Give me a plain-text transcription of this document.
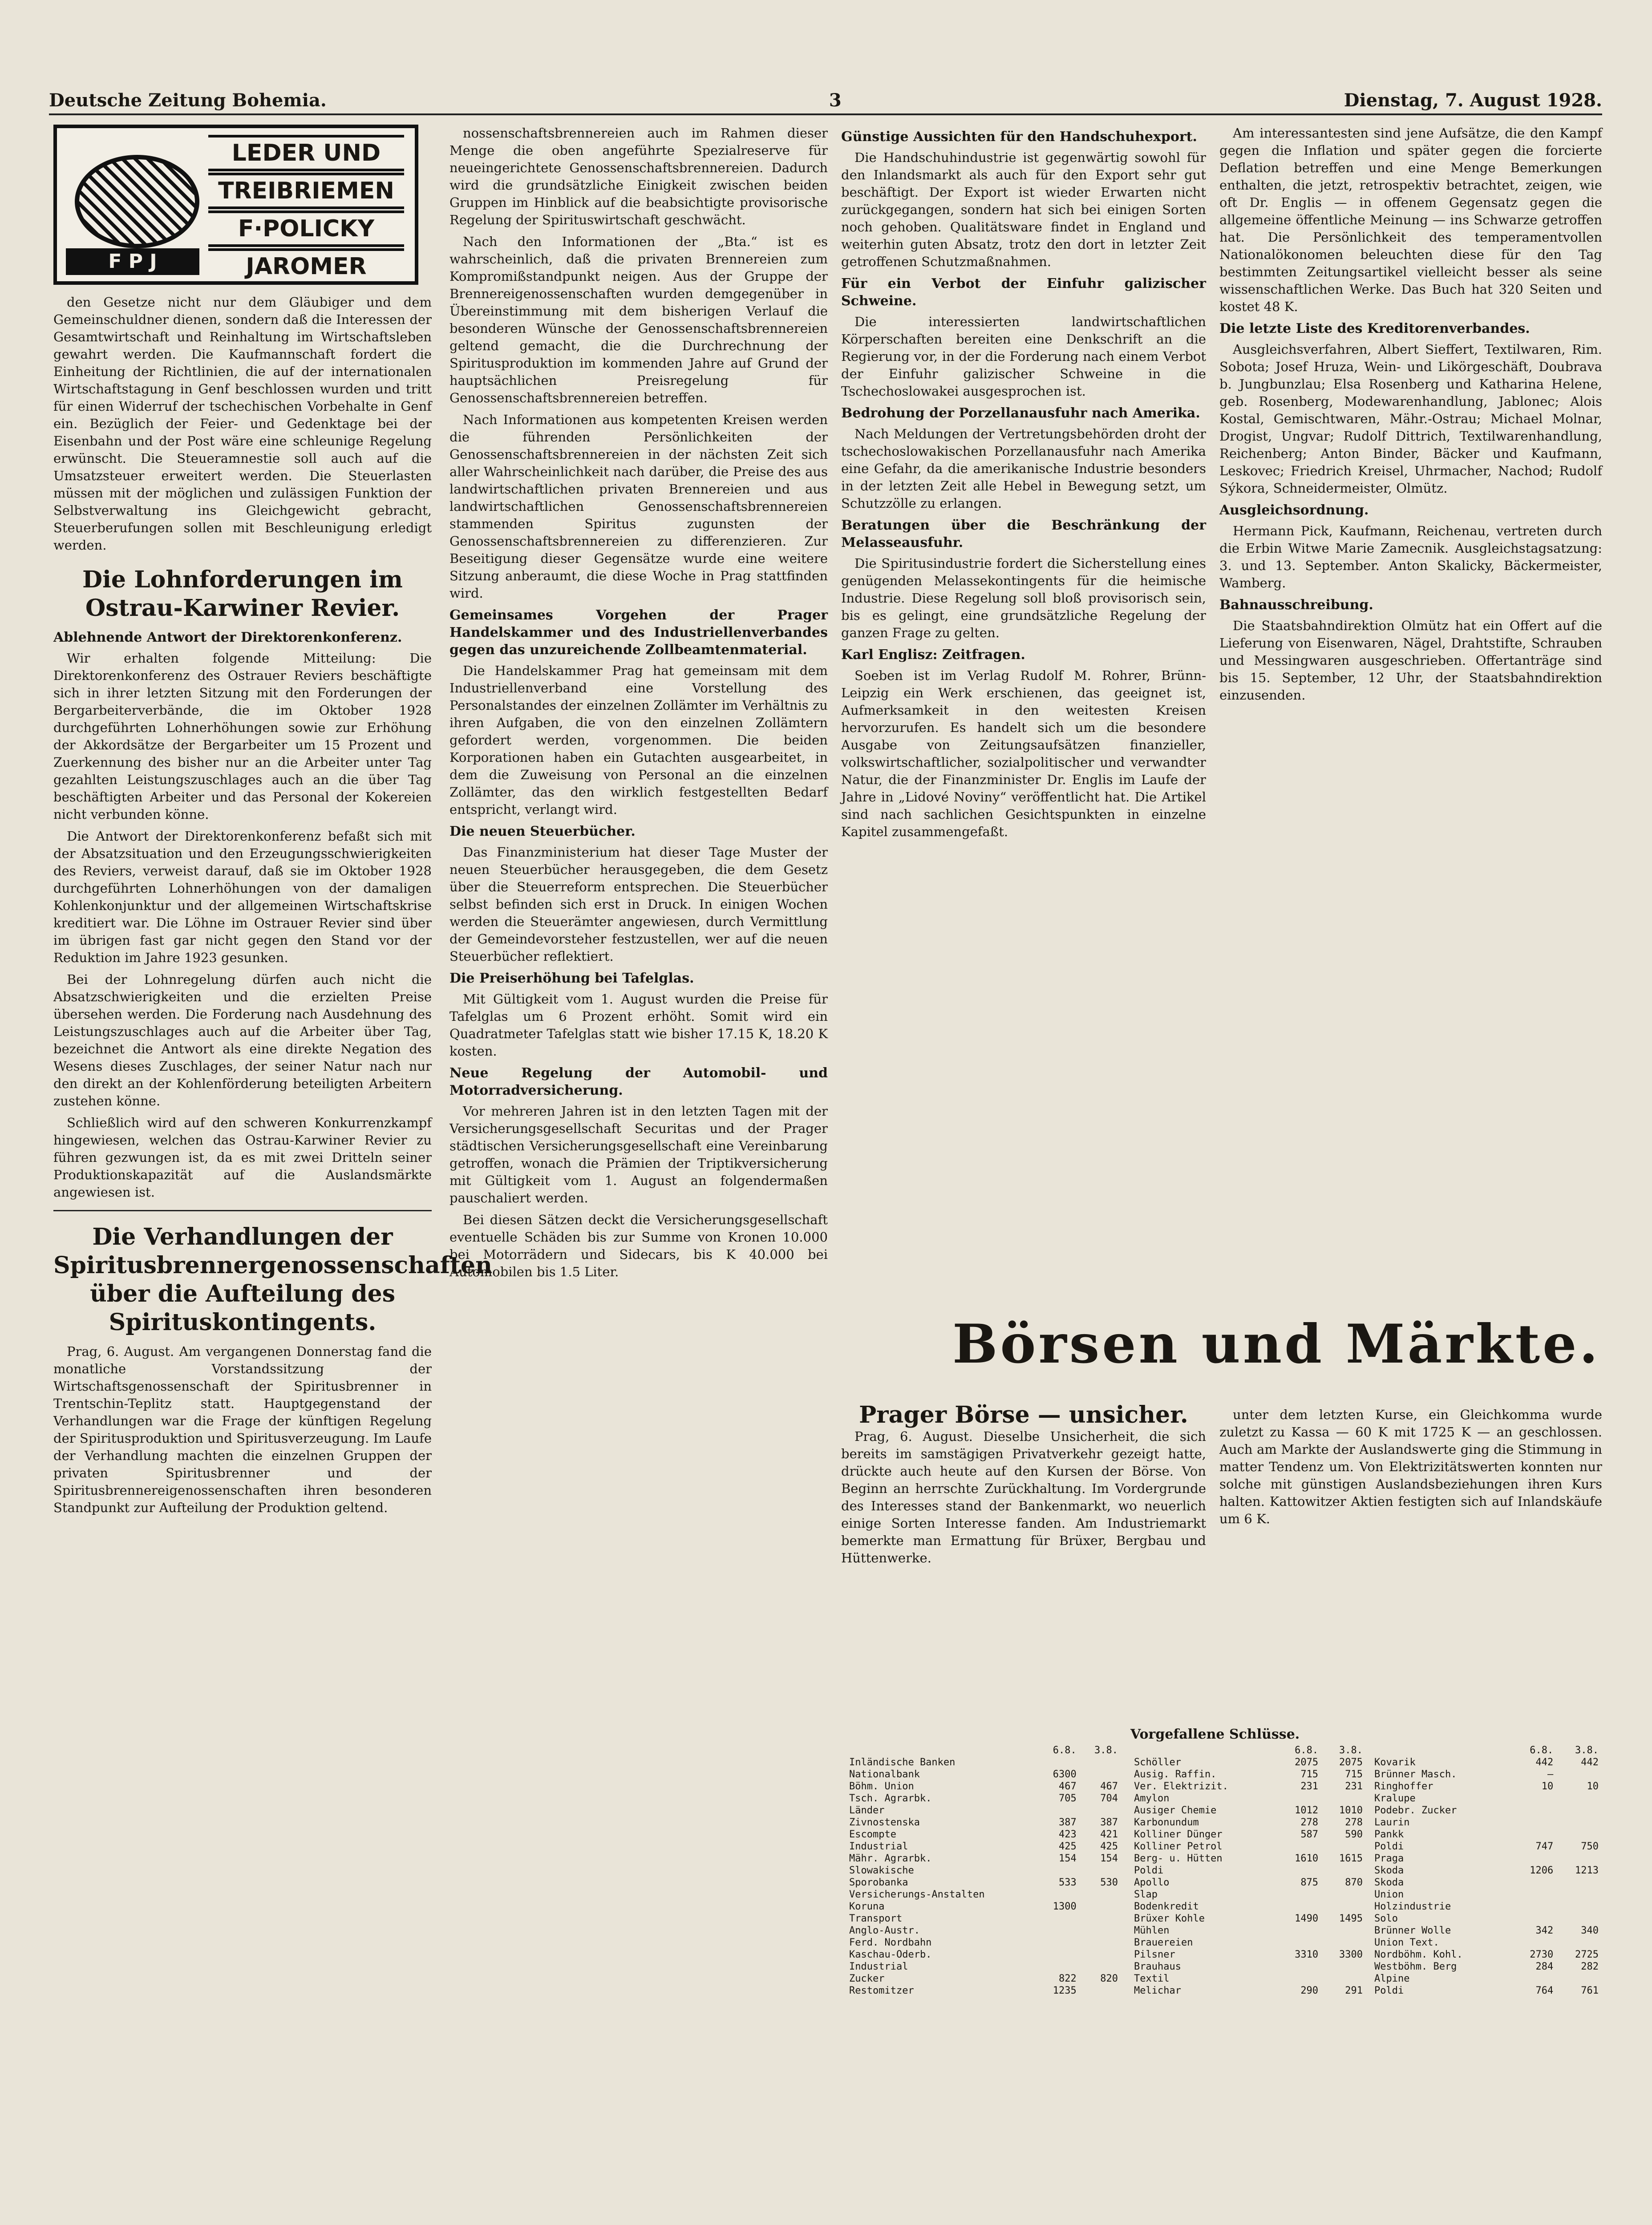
Deutsche Zeitung Bohemia.	3	Dienstag, 7. August 1928.
LEDER UND
TREIBRIEMEN
F·POLICKY
JAROMER
F P J

den Gesetze nicht nur dem Gläubiger und dem Gemeinschuldner dienen, sondern daß die Interessen der Gesamtwirtschaft und Reinhaltung im Wirtschaftsleben gewahrt werden. Die Kaufmannschaft fordert die Einheitung der Richtlinien, die auf der internationalen Wirtschaftstagung in Genf beschlossen wurden und tritt für einen Widerruf der tschechischen Vorbehalte in Genf ein. Bezüglich der Feier- und Gedenktage bei der Eisenbahn und der Post wäre eine schleunige Regelung erwünscht. Die Steueramnestie soll auch auf die Umsatzsteuer erweitert werden. Die Steuerlasten müssen mit der möglichen und zulässigen Funktion der Selbstverwaltung ins Gleichgewicht gebracht, Steuerberufungen sollen mit Beschleunigung erledigt werden.

Die Lohnforderungen im Ostrau-Karwiner Revier.
Ablehnende Antwort der Direktorenkonferenz.

Wir erhalten folgende Mitteilung: Die Direktorenkonferenz des Ostrauer Reviers beschäftigte sich in ihrer letzten Sitzung mit den Forderungen der Bergarbeiterverbände, die im Oktober 1928 durchgeführten Lohnerhöhungen sowie zur Erhöhung der Akkordsätze der Bergarbeiter um 15 Prozent und Zuerkennung des bisher nur an die Arbeiter unter Tag gezahlten Leistungszuschlages auch an die über Tag beschäftigten Arbeiter und das Personal der Kokereien nicht verbunden könne.

Die Antwort der Direktorenkonferenz befaßt sich mit der Absatzsituation und den Erzeugungsschwierigkeiten des Reviers, verweist darauf, daß sie im Oktober 1928 durchgeführten Lohnerhöhungen von der damaligen Kohlenkonjunktur und der allgemeinen Wirtschaftskrise kreditiert war. Die Löhne im Ostrauer Revier sind über im übrigen fast gar nicht gegen den Stand vor der Reduktion im Jahre 1923 gesunken.

Bei der Lohnregelung dürfen auch nicht die Absatzschwierigkeiten und die erzielten Preise übersehen werden. Die Forderung nach Ausdehnung des Leistungszuschlages auch auf die Arbeiter über Tag, bezeichnet die Antwort als eine direkte Negation des Wesens dieses Zuschlages, der seiner Natur nach nur den direkt an der Kohlenförderung beteiligten Arbeitern zustehen könne.

Schließlich wird auf den schweren Konkurrenzkampf hingewiesen, welchen das Ostrau-Karwiner Revier zu führen gezwungen ist, da es mit zwei Dritteln seiner Produktionskapazität auf die Auslandsmärkte angewiesen ist.

Die Verhandlungen der Spiritusbrennergenossenschaften über die Aufteilung des Spirituskontingents.

Prag, 6. August. Am vergangenen Donnerstag fand die monatliche Vorstandssitzung der Wirtschaftsgenossenschaft der Spiritusbrenner in Trentschin-Teplitz statt. Hauptgegenstand der Verhandlungen war die Frage der künftigen Regelung der Spiritusproduktion und Spiritusverzeugung. Im Laufe der Verhandlung machten die einzelnen Gruppen der privaten Spiritusbrenner und der Spiritusbrennereigenossenschaften ihren besonderen Standpunkt zur Aufteilung der Produktion geltend.

nossenschaftsbrennereien auch im Rahmen dieser Menge die oben angeführte Spezialreserve für neueingerichtete Genossenschaftsbrennereien. Dadurch wird die grundsätzliche Einigkeit zwischen beiden Gruppen im Hinblick auf die beabsichtigte provisorische Regelung der Spirituswirtschaft geschwächt.

Nach den Informationen der „Bta.“ ist es wahrscheinlich, daß die privaten Brennereien zum Kompromißstandpunkt neigen. Aus der Gruppe der Brennereigenossenschaften wurden demgegenüber in Übereinstimmung mit dem bisherigen Verlauf die besonderen Wünsche der Genossenschaftsbrennereien geltend gemacht, die die Durchrechnung der Spiritusproduktion im kommenden Jahre auf Grund der hauptsächlichen Preisregelung für Genossenschaftsbrennereien betreffen.

Nach Informationen aus kompetenten Kreisen werden die führenden Persönlichkeiten der Genossenschaftsbrennereien in der nächsten Zeit sich aller Wahrscheinlichkeit nach darüber, die Preise des aus landwirtschaftlichen privaten Brennereien und aus landwirtschaftlichen Genossenschaftsbrennereien stammenden Spiritus zugunsten der Genossenschaftsbrennereien zu differenzieren. Zur Beseitigung dieser Gegensätze wurde eine weitere Sitzung anberaumt, die diese Woche in Prag stattfinden wird.

Gemeinsames Vorgehen der Prager Handelskammer und des Industriellenverbandes gegen das unzureichende Zollbeamtenmaterial.

Die Handelskammer Prag hat gemeinsam mit dem Industriellenverband eine Vorstellung des Personalstandes der einzelnen Zollämter im Verhältnis zu ihren Aufgaben, die von den einzelnen Zollämtern gefordert werden, vorgenommen. Die beiden Korporationen haben ein Gutachten ausgearbeitet, in dem die Zuweisung von Personal an die einzelnen Zollämter, das den wirklich festgestellten Bedarf entspricht, verlangt wird.

Die neuen Steuerbücher.

Das Finanzministerium hat dieser Tage Muster der neuen Steuerbücher herausgegeben, die dem Gesetz über die Steuerreform entsprechen. Die Steuerbücher selbst befinden sich erst in Druck. In einigen Wochen werden die Steuerämter angewiesen, durch Vermittlung der Gemeindevorsteher festzustellen, wer auf die neuen Steuerbücher reflektiert.

Die Preiserhöhung bei Tafelglas.

Mit Gültigkeit vom 1. August wurden die Preise für Tafelglas um 6 Prozent erhöht. Somit wird ein Quadratmeter Tafelglas statt wie bisher 17.15 K, 18.20 K kosten.

Neue Regelung der Automobil- und Motorradversicherung.

Vor mehreren Jahren ist in den letzten Tagen mit der Versicherungsgesellschaft Securitas und der Prager städtischen Versicherungsgesellschaft eine Vereinbarung getroffen, wonach die Prämien der Triptikversicherung mit Gültigkeit vom 1. August an folgendermaßen pauschaliert werden.

Bei diesen Sätzen deckt die Versicherungsgesellschaft eventuelle Schäden bis zur Summe von Kronen 10.000 bei Motorrädern und Sidecars, bis K 40.000 bei Automobilen bis 1.5 Liter.

Günstige Aussichten für den Handschuhexport.

Die Handschuhindustrie ist gegenwärtig sowohl für den Inlandsmarkt als auch für den Export sehr gut beschäftigt. Der Export ist wieder Erwarten nicht zurückgegangen, sondern hat sich bei einigen Sorten noch gehoben. Qualitätsware findet in England und weiterhin guten Absatz, trotz den dort in letzter Zeit getroffenen Schutzmaßnahmen.

Für ein Verbot der Einfuhr galizischer Schweine.

Die interessierten landwirtschaftlichen Körperschaften bereiten eine Denkschrift an die Regierung vor, in der die Forderung nach einem Verbot der Einfuhr galizischer Schweine in die Tschechoslowakei ausgesprochen ist.

Bedrohung der Porzellanausfuhr nach Amerika.

Nach Meldungen der Vertretungsbehörden droht der tschechoslowakischen Porzellanausfuhr nach Amerika eine Gefahr, da die amerikanische Industrie besonders in der letzten Zeit alle Hebel in Bewegung setzt, um Schutzzölle zu erlangen.

Beratungen über die Beschränkung der Melasseausfuhr.

Die Spiritusindustrie fordert die Sicherstellung eines genügenden Melassekontingents für die heimische Industrie. Diese Regelung soll bloß provisorisch sein, bis es gelingt, eine grundsätzliche Regelung der ganzen Frage zu gelten.

Karl Englisz: Zeitfragen.

Soeben ist im Verlag Rudolf M. Rohrer, Brünn-Leipzig ein Werk erschienen, das geeignet ist, Aufmerksamkeit in den weitesten Kreisen hervorzurufen. Es handelt sich um die besondere Ausgabe von Zeitungsaufsätzen finanzieller, volkswirtschaftlicher, sozialpolitischer und verwandter Natur, die der Finanzminister Dr. Englis im Laufe der Jahre in „Lidové Noviny“ veröffentlicht hat. Die Artikel sind nach sachlichen Gesichtspunkten in einzelne Kapitel zusammengefaßt.

Am interessantesten sind jene Aufsätze, die den Kampf gegen die Inflation und später gegen die forcierte Deflation betreffen und eine Menge Bemerkungen enthalten, die jetzt, retrospektiv betrachtet, zeigen, wie oft Dr. Englis — in offenem Gegensatz gegen die allgemeine öffentliche Meinung — ins Schwarze getroffen hat. Die Persönlichkeit des temperamentvollen Nationalökonomen beleuchten diese für den Tag bestimmten Zeitungsartikel vielleicht besser als seine wissenschaftlichen Werke. Das Buch hat 320 Seiten und kostet 48 K.

Die letzte Liste des Kreditorenverbandes.

Ausgleichsverfahren, Albert Sieffert, Textilwaren, Rim. Sobota; Josef Hruza, Wein- und Likörgeschäft, Doubrava b. Jungbunzlau; Elsa Rosenberg und Katharina Helene, geb. Rosenberg, Modewarenhandlung, Jablonec; Alois Kostal, Gemischtwaren, Mähr.-Ostrau; Michael Molnar, Drogist, Ungvar; Rudolf Dittrich, Textilwarenhandlung, Reichenberg; Anton Binder, Bäcker und Kaufmann, Leskovec; Friedrich Kreisel, Uhrmacher, Nachod; Rudolf Sýkora, Schneidermeister, Olmütz.

Ausgleichsordnung.

Hermann Pick, Kaufmann, Reichenau, vertreten durch die Erbin Witwe Marie Zamecnik. Ausgleichstagsatzung: 3. und 13. September. Anton Skalicky, Bäckermeister, Wamberg.

Bahnausschreibung.

Die Staatsbahndirektion Olmütz hat ein Offert auf die Lieferung von Eisenwaren, Nägel, Drahtstifte, Schrauben und Messingwaren ausgeschrieben. Offertanträge sind bis 15. September, 12 Uhr, der Staatsbahndirektion einzusenden.

Börsen und Märkte.
Prager Börse — unsicher.

Prag, 6. August. Dieselbe Unsicherheit, die sich bereits im samstägigen Privatverkehr gezeigt hatte, drückte auch heute auf den Kursen der Börse. Von Beginn an herrschte Zurückhaltung. Im Vordergrunde des Interesses stand der Bankenmarkt, wo neuerlich einige Sorten Interesse fanden. Am Industriemarkt bemerkte man Ermattung für Brüxer, Bergbau und Hüttenwerke.

unter dem letzten Kurse, ein Gleichkomma wurde zuletzt zu Kassa — 60 K mit 1725 K — an geschlossen. Auch am Markte der Auslandswerte ging die Stimmung in matter Tendenz um. Von Elektrizitätswerten konnten nur solche mit günstigen Auslandsbeziehungen ihren Kurs halten. Kattowitzer Aktien festigten sich auf Inlandskäufe um 6 K.

Vorgefallene Schlüsse.
	6.8.	3.8.
Inländische Banken		
Nationalbank	6300	
Böhm. Union	467	467
Tsch. Agrarbk.	705	704
Länder		
Zivnostenska	387	387
Escompte	423	421
Industrial	425	425
Mähr. Agrarbk.	154	154
Slowakische		
Sporobanka	533	530
Versicherungs-Anstalten		
Koruna	1300	
Transport		
Anglo-Austr.		
Ferd. Nordbahn		
Kaschau-Oderb.		
Industrial		
Zucker	822	820
Restomitzer	1235	
	6.8.	3.8.
Schöller	2075	2075
Ausig. Raffin.	715	715
Ver. Elektrizit.	231	231
Amylon		
Ausiger Chemie	1012	1010
Karbonundum	278	278
Kolliner Dünger	587	590
Kolliner Petrol		
Berg- u. Hütten	1610	1615
Poldi		
Apollo	875	870
Slap		
Bodenkredit		
Brüxer Kohle	1490	1495
Mühlen		
Brauereien		
Pilsner	3310	3300
Brauhaus		
Textil		
Melichar	290	291
	6.8.	3.8.
Kovarik	442	442
Brünner Masch.	—	
Ringhoffer	10	10
Kralupe		
Podebr. Zucker		
Laurin		
Pankk		
Poldi	747	750
Praga		
Skoda	1206	1213
Skoda		
Union		
Holzindustrie		
Solo		
Brünner Wolle	342	340
Union Text.		
Nordböhm. Kohl.	2730	2725
Westböhm. Berg	284	282
Alpine		
Poldi	764	761
